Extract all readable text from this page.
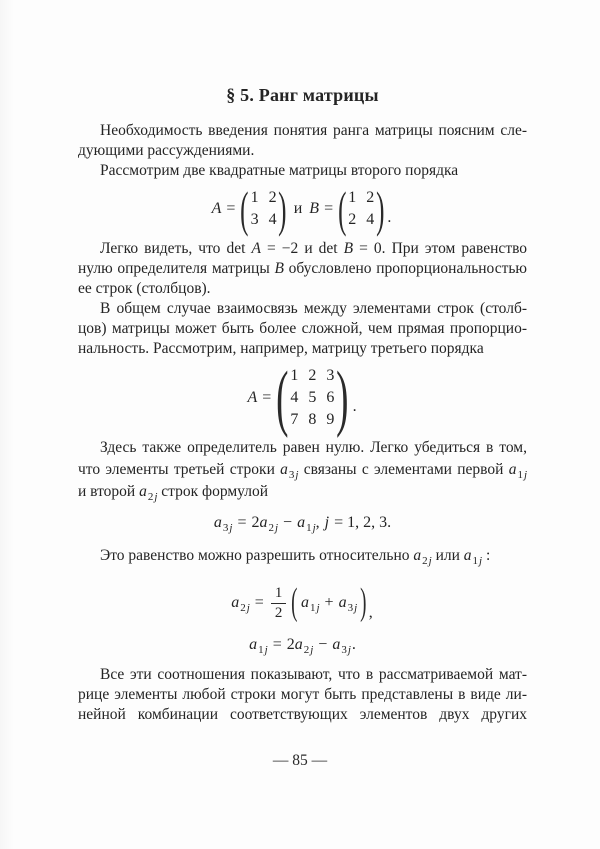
§ 5. Ранг матрицы
Необходимость введения понятия ранга матрицы поясним сле-
дующими рассуждениями.
Рассмотрим две квадратные матрицы второго порядка
A = ( 1 2
3 4 ) и B = ( 1 2
2 4 ) .
Легко видеть, что det A = −2 и det B = 0. При этом равенство
нулю определителя матрицы B обусловлено пропорциональностью
ее строк (столбцов).
В общем случае взаимосвязь между элементами строк (столб-
цов) матрицы может быть более сложной, чем прямая пропорцио-
нальность. Рассмотрим, например, матрицу третьего порядка
A = ( 1 2 3
4 5 6
7 8 9 ) .
Здесь также определитель равен нулю. Легко убедиться в том,
что элементы третьей строки $a_{3j}$ связаны с элементами первой $a_{1j}$
и второй $a_{2j}$ строк формулой
$a_{3j} = 2$ $a_{2j} - a_{1j}$ , j = 1, 2, 3.
Это равенство можно разрешить относительно $a_{2j}$ или $a_{1j}$ :
$a_{2j} = \frac{1}{2}$ ( $a_{1j} + a_{3j}$ ) ,
$a_{1j} = 2$ $a_{2j} - a_{3j}$ .
Все эти соотношения показывают, что в рассматриваемой мат-
рице элементы любой строки могут быть представлены в виде ли-
нейной комбинации соответствующих элементов двух других
— 85 —
